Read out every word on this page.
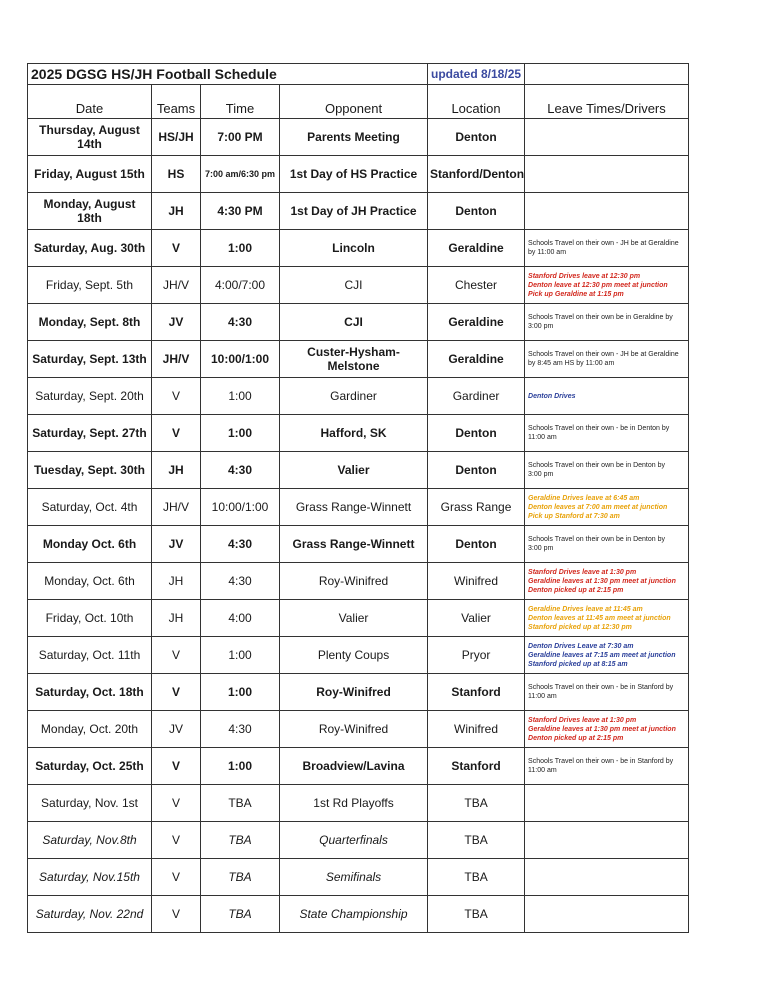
2025 DGSG HS/JH Football Schedule				updated 8/18/25	
Date	Teams	Time	Opponent	Location	Leave Times/Drivers
Thursday, August 14th	HS/JH	7:00 PM	Parents Meeting	Denton	
Friday, August 15th	HS	7:00 am/6:30 pm	1st Day of HS Practice	Stanford/Denton	
Monday, August 18th	JH	4:30 PM	1st Day of JH Practice	Denton	
Saturday, Aug. 30th	V	1:00	Lincoln	Geraldine	Schools Travel on their own - JH be at Geraldine
by 11:00 am

Friday, Sept. 5th	JH/V	4:00/7:00	CJI	Chester	Stanford Drives leave at 12:30 pm
Denton leave at 12:30 pm meet at junction
Pick up Geraldine at 1:15 pm

Monday, Sept. 8th	JV	4:30	CJI	Geraldine	Schools Travel on their own be in Geraldine by
3:00 pm

Saturday, Sept. 13th	JH/V	10:00/1:00	Custer-Hysham-Melstone	Geraldine	Schools Travel on their own - JH be at Geraldine
by 8:45 am HS by 11:00 am

Saturday, Sept. 20th	V	1:00	Gardiner	Gardiner	Denton Drives

Saturday, Sept. 27th	V	1:00	Hafford, SK	Denton	Schools Travel on their own - be in Denton by
11:00 am

Tuesday, Sept. 30th	JH	4:30	Valier	Denton	Schools Travel on their own be in Denton by
3:00 pm

Saturday, Oct. 4th	JH/V	10:00/1:00	Grass Range-Winnett	Grass Range	Geraldine Drives leave at 6:45 am
Denton leaves at 7:00 am meet at junction
Pick up Stanford at 7:30 am

Monday Oct. 6th	JV	4:30	Grass Range-Winnett	Denton	Schools Travel on their own be in Denton by
3:00 pm

Monday, Oct. 6th	JH	4:30	Roy-Winifred	Winifred	Stanford Drives leave at 1:30 pm
Geraldine leaves at 1:30 pm meet at junction
Denton picked up at 2:15 pm

Friday, Oct. 10th	JH	4:00	Valier	Valier	Geraldine Drives leave at 11:45 am
Denton leaves at 11:45 am meet at junction
Stanford picked up at 12:30 pm

Saturday, Oct. 11th	V	1:00	Plenty Coups	Pryor	Denton Drives Leave at 7:30 am
Geraldine leaves at 7:15 am meet at junction
Stanford picked up at 8:15 am

Saturday, Oct. 18th	V	1:00	Roy-Winifred	Stanford	Schools Travel on their own - be in Stanford by
11:00 am

Monday, Oct. 20th	JV	4:30	Roy-Winifred	Winifred	Stanford Drives leave at 1:30 pm
Geraldine leaves at 1:30 pm meet at junction
Denton picked up at 2:15 pm

Saturday, Oct. 25th	V	1:00	Broadview/Lavina	Stanford	Schools Travel on their own - be in Stanford by
11:00 am

Saturday, Nov. 1st	V	TBA	1st Rd Playoffs	TBA	
Saturday, Nov.8th	V	TBA	Quarterfinals	TBA	
Saturday, Nov.15th	V	TBA	Semifinals	TBA	
Saturday, Nov. 22nd	V	TBA	State Championship	TBA	
